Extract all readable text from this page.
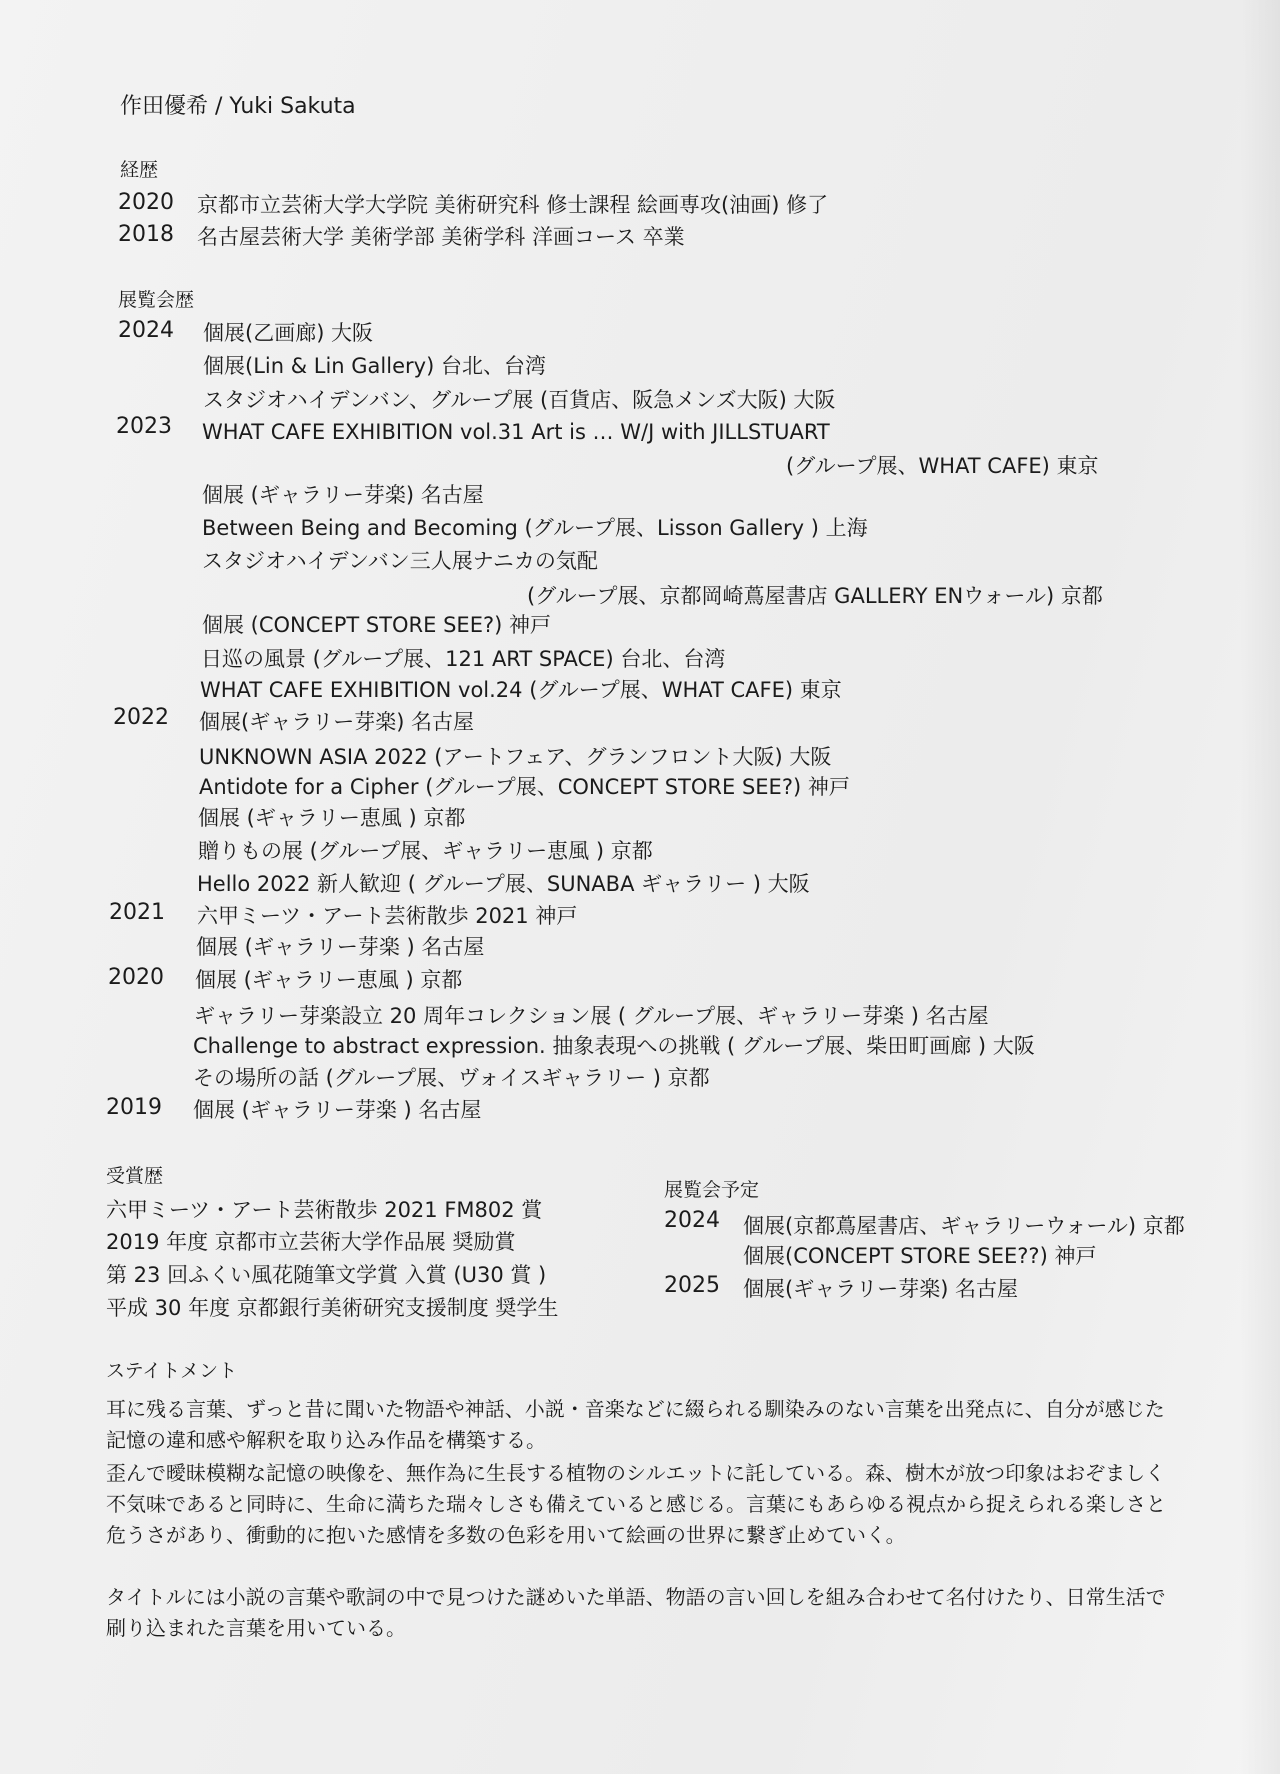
作田優希 / Yuki Sakuta
経歴
2020 京都市立芸術大学大学院 美術研究科 修士課程 絵画専攻(油画) 修了
2018 名古屋芸術大学 美術学部 美術学科 洋画コース 卒業
展覧会歴
2024 個展(乙画廊) 大阪
個展(Lin & Lin Gallery) 台北、台湾
スタジオハイデンバン、グループ展 (百貨店、阪急メンズ大阪) 大阪
2023 WHAT CAFE EXHIBITION vol.31 Art is … W/J with JILLSTUART
(グループ展、WHAT CAFE) 東京
個展 (ギャラリー芽楽) 名古屋
Between Being and Becoming (グループ展、Lisson Gallery ) 上海
スタジオハイデンバン三人展ナニカの気配
(グループ展、京都岡崎蔦屋書店 GALLERY ENウォール) 京都
個展 (CONCEPT STORE SEE?) 神戸
日巡の風景 (グループ展、121 ART SPACE) 台北、台湾
WHAT CAFE EXHIBITION vol.24 (グループ展、WHAT CAFE) 東京
2022 個展(ギャラリー芽楽) 名古屋
UNKNOWN ASIA 2022 (アートフェア、グランフロント大阪) 大阪
Antidote for a Cipher (グループ展、CONCEPT STORE SEE?) 神戸
個展 (ギャラリー恵風 ) 京都
贈りもの展 (グループ展、ギャラリー恵風 ) 京都
Hello 2022 新人歓迎 ( グループ展、SUNABA ギャラリー ) 大阪
2021 六甲ミーツ・アート芸術散歩 2021 神戸
個展 (ギャラリー芽楽 ) 名古屋
2020 個展 (ギャラリー恵風 ) 京都
ギャラリー芽楽設立 20 周年コレクション展 ( グループ展、ギャラリー芽楽 ) 名古屋
Challenge to abstract expression. 抽象表現への挑戦 ( グループ展、柴田町画廊 ) 大阪
その場所の話 (グループ展、ヴォイスギャラリー ) 京都
2019 個展 (ギャラリー芽楽 ) 名古屋
受賞歴
六甲ミーツ・アート芸術散歩 2021 FM802 賞
2019 年度 京都市立芸術大学作品展 奨励賞
第 23 回ふくい風花随筆文学賞 入賞 (U30 賞 )
平成 30 年度 京都銀行美術研究支援制度 奨学生
展覧会予定
2024 個展(京都蔦屋書店、ギャラリーウォール) 京都
個展(CONCEPT STORE SEE??) 神戸
2025 個展(ギャラリー芽楽) 名古屋
ステイトメント
耳に残る言葉、ずっと昔に聞いた物語や神話、小説・音楽などに綴られる馴染みのない言葉を出発点に、自分が感じた記憶の違和感や解釈を取り込み作品を構築する。
歪んで曖昧模糊な記憶の映像を、無作為に生長する植物のシルエットに託している。森、樹木が放つ印象はおぞましく不気味であると同時に、生命に満ちた瑞々しさも備えていると感じる。言葉にもあらゆる視点から捉えられる楽しさと危うさがあり、衝動的に抱いた感情を多数の色彩を用いて絵画の世界に繋ぎ止めていく。
タイトルには小説の言葉や歌詞の中で見つけた謎めいた単語、物語の言い回しを組み合わせて名付けたり、日常生活で刷り込まれた言葉を用いている。
